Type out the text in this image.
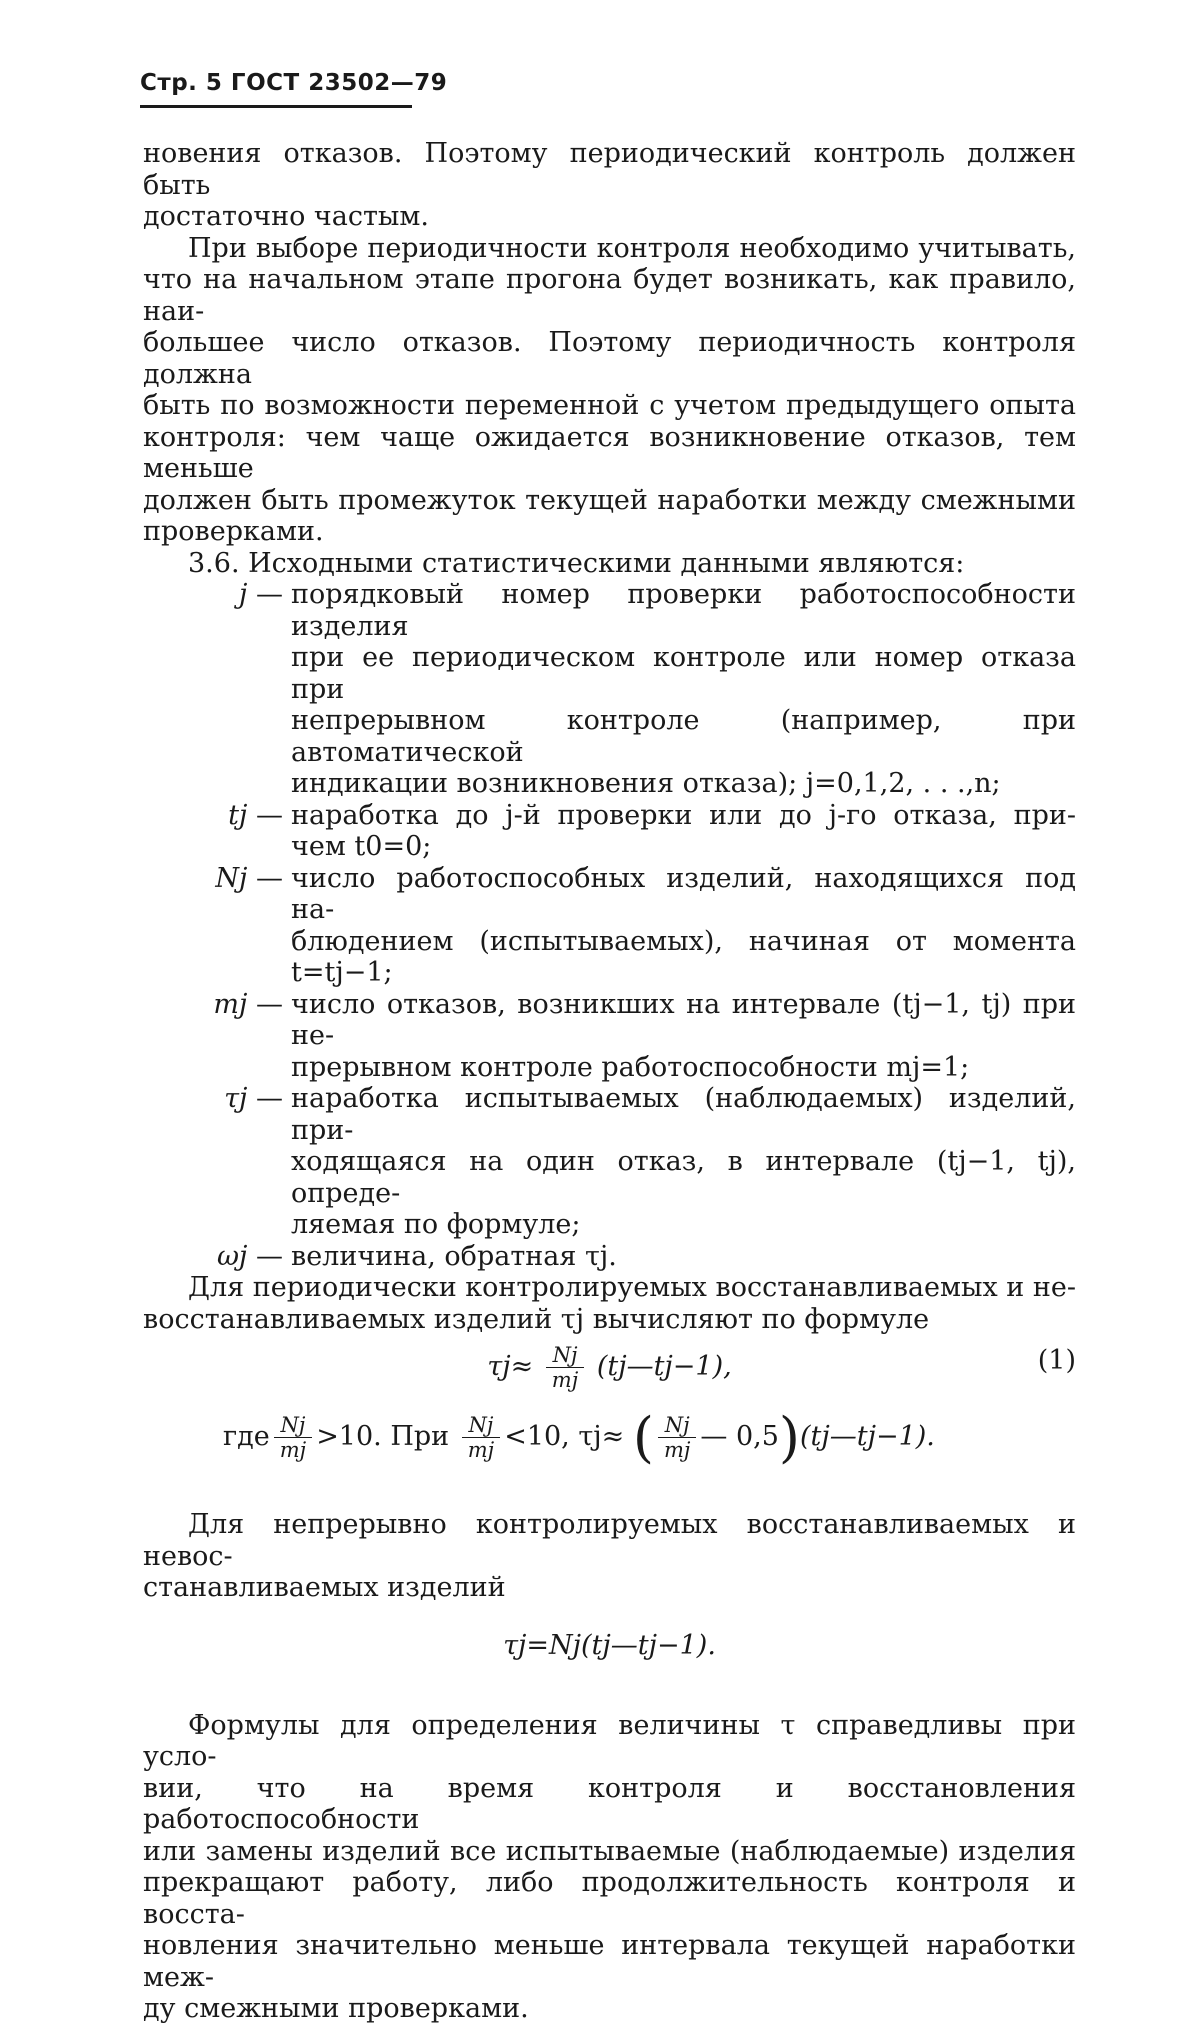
Стр. 5 ГОСТ 23502—79

новения отказов. Поэтому периодический контроль должен быть

достаточно частым.

При выборе периодичности контроля необходимо учитывать,

что на начальном этапе прогона будет возникать, как правило, наи-

большее число отказов. Поэтому периодичность контроля должна

быть по возможности переменной с учетом предыдущего опыта

контроля: чем чаще ожидается возникновение отказов, тем меньше

должен быть промежуток текущей наработки между смежными

проверками.

3.6. Исходными статистическими данными являются:

j — порядковый номер проверки работоспособности изделия
при ее периодическом контроле или номер отказа при
непрерывном контроле (например, при автоматической
индикации возникновения отказа); j=0,1,2, . . .,n;
tj — наработка до j-й проверки или до j-го отказа, при-
чем t0=0;
Nj — число работоспособных изделий, находящихся под на-
блюдением (испытываемых), начиная от момента
t=tj−1;
mj — число отказов, возникших на интервале (tj−1, tj) при не-
прерывном контроле работоспособности mj=1;
τj — наработка испытываемых (наблюдаемых) изделий, при-
ходящаяся на один отказ, в интервале (tj−1, tj), опреде-
ляемая по формуле;
ωj — величина, обратная τj.

Для периодически контролируемых восстанавливаемых и не-

восстанавливаемых изделий τj вычисляют по формуле

$\tau j\approx \frac{Nj}{mj}$ (tj—tj−1),	(1)
где $\frac{Nj}{mj} >10$. При $\frac{Nj}{mj} <10$, τj≈ ( $\frac{Nj}{mj}$ — 0,5)(tj—tj−1).

Для непрерывно контролируемых восстанавливаемых и невос-

станавливаемых изделий

τj=Nj(tj—tj−1).

Формулы для определения величины τ справедливы при усло-

вии, что на время контроля и восстановления работоспособности

или замены изделий все испытываемые (наблюдаемые) изделия

прекращают работу, либо продолжительность контроля и восста-

новления значительно меньше интервала текущей наработки меж-

ду смежными проверками.
